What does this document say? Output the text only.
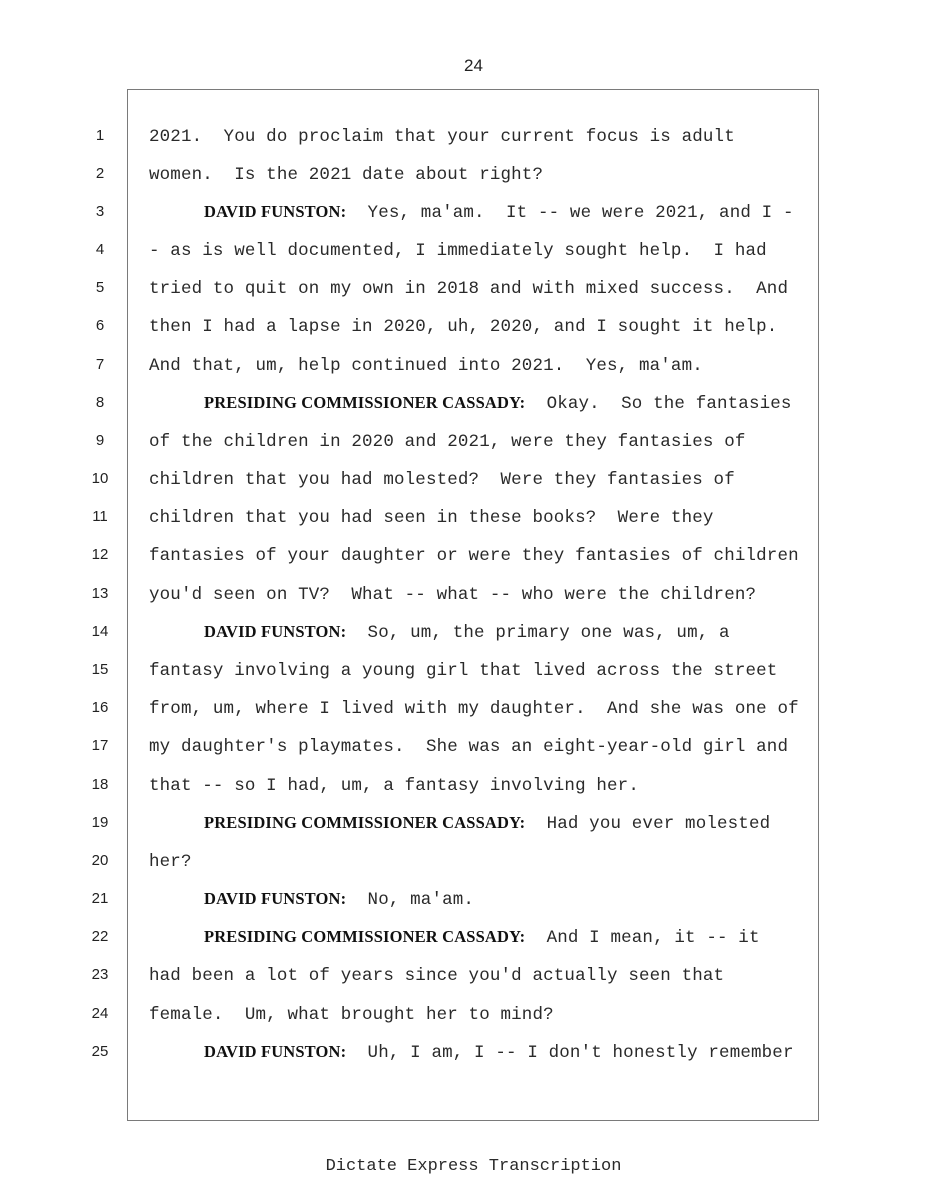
24
1	2021.  You do proclaim that your current focus is adult
2	women.  Is the 2021 date about right?
3	DAVID FUNSTON:  Yes, ma'am.  It -- we were 2021, and I -
4	- as is well documented, I immediately sought help.  I had
5	tried to quit on my own in 2018 and with mixed success.  And
6	then I had a lapse in 2020, uh, 2020, and I sought it help.
7	And that, um, help continued into 2021.  Yes, ma'am.
8	PRESIDING COMMISSIONER CASSADY:  Okay.  So the fantasies
9	of the children in 2020 and 2021, were they fantasies of
10	children that you had molested?  Were they fantasies of
11	children that you had seen in these books?  Were they
12	fantasies of your daughter or were they fantasies of children
13	you'd seen on TV?  What -- what -- who were the children?
14	DAVID FUNSTON:  So, um, the primary one was, um, a
15	fantasy involving a young girl that lived across the street
16	from, um, where I lived with my daughter.  And she was one of
17	my daughter's playmates.  She was an eight-year-old girl and
18	that -- so I had, um, a fantasy involving her.
19	PRESIDING COMMISSIONER CASSADY:  Had you ever molested
20	her?
21	DAVID FUNSTON:  No, ma'am.
22	PRESIDING COMMISSIONER CASSADY:  And I mean, it -- it
23	had been a lot of years since you'd actually seen that
24	female.  Um, what brought her to mind?
25	DAVID FUNSTON:  Uh, I am, I -- I don't honestly remember
Dictate Express Transcription
